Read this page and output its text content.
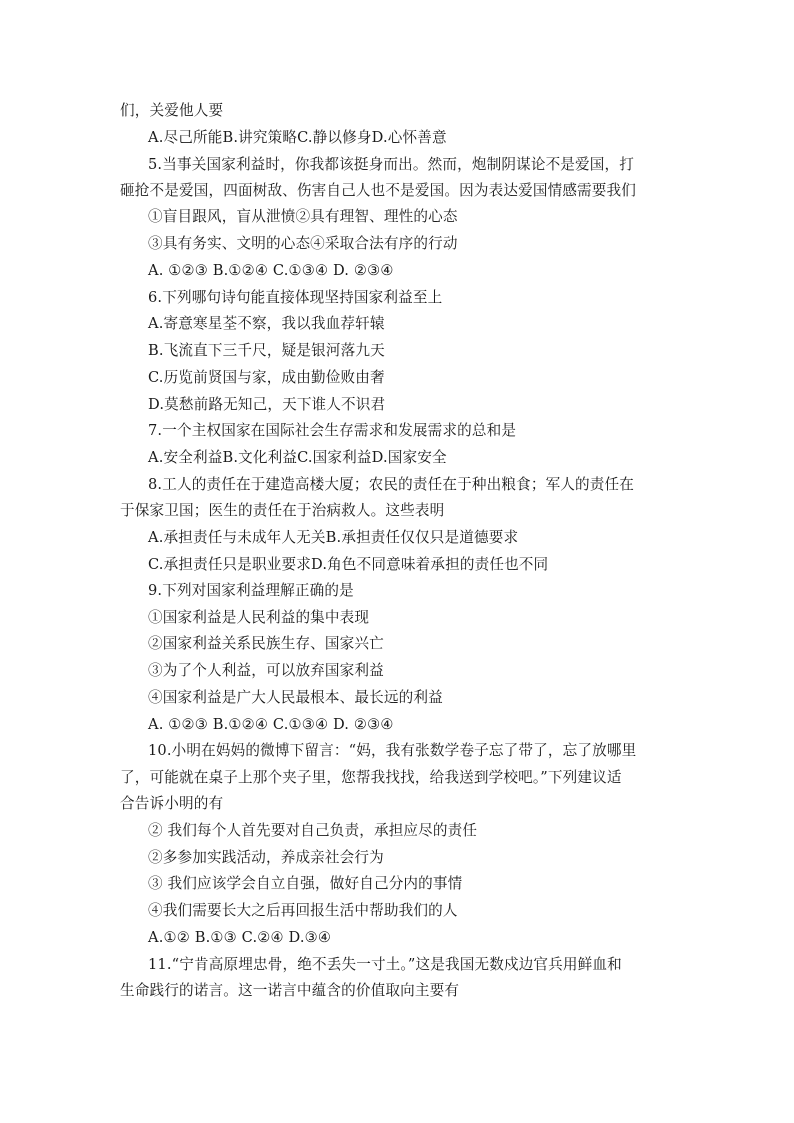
们，关爱他人要
A.尽己所能B.讲究策略C.静以修身D.心怀善意
5.当事关国家利益时，你我都该挺身而出。然而，炮制阴谋论不是爱国，打
砸抢不是爱国，四面树敌、伤害自己人也不是爱国。因为表达爱国情感需要我们
①盲目跟风，盲从泄愤②具有理智、理性的心态
③具有务实、文明的心态④采取合法有序的行动
A. ①②③ B.①②④ C.①③④ D. ②③④
6.下列哪句诗句能直接体现坚持国家利益至上
A.寄意寒星荃不察，我以我血荐轩辕
B.飞流直下三千尺，疑是银河落九天
C.历览前贤国与家，成由勤俭败由奢
D.莫愁前路无知己，天下谁人不识君
7.一个主权国家在国际社会生存需求和发展需求的总和是
A.安全利益B.文化利益C.国家利益D.国家安全
8.工人的责任在于建造高楼大厦；农民的责任在于种出粮食；军人的责任在
于保家卫国；医生的责任在于治病救人。这些表明
A.承担责任与未成年人无关B.承担责任仅仅只是道德要求
C.承担责任只是职业要求D.角色不同意味着承担的责任也不同
9.下列对国家利益理解正确的是
①国家利益是人民利益的集中表现
②国家利益关系民族生存、国家兴亡
③为了个人利益，可以放弃国家利益
④国家利益是广大人民最根本、最长远的利益
A. ①②③ B.①②④ C.①③④ D. ②③④
10.小明在妈妈的微博下留言：“妈，我有张数学卷子忘了带了，忘了放哪里
了，可能就在桌子上那个夹子里，您帮我找找，给我送到学校吧。”下列建议适
合告诉小明的有
② 我们每个人首先要对自己负责，承担应尽的责任
②多参加实践活动，养成亲社会行为
③ 我们应该学会自立自强，做好自己分内的事情
④我们需要长大之后再回报生活中帮助我们的人
A.①② B.①③ C.②④ D.③④
11.“宁肯高原埋忠骨，绝不丢失一寸土。”这是我国无数戍边官兵用鲜血和
生命践行的诺言。这一诺言中蕴含的价值取向主要有
